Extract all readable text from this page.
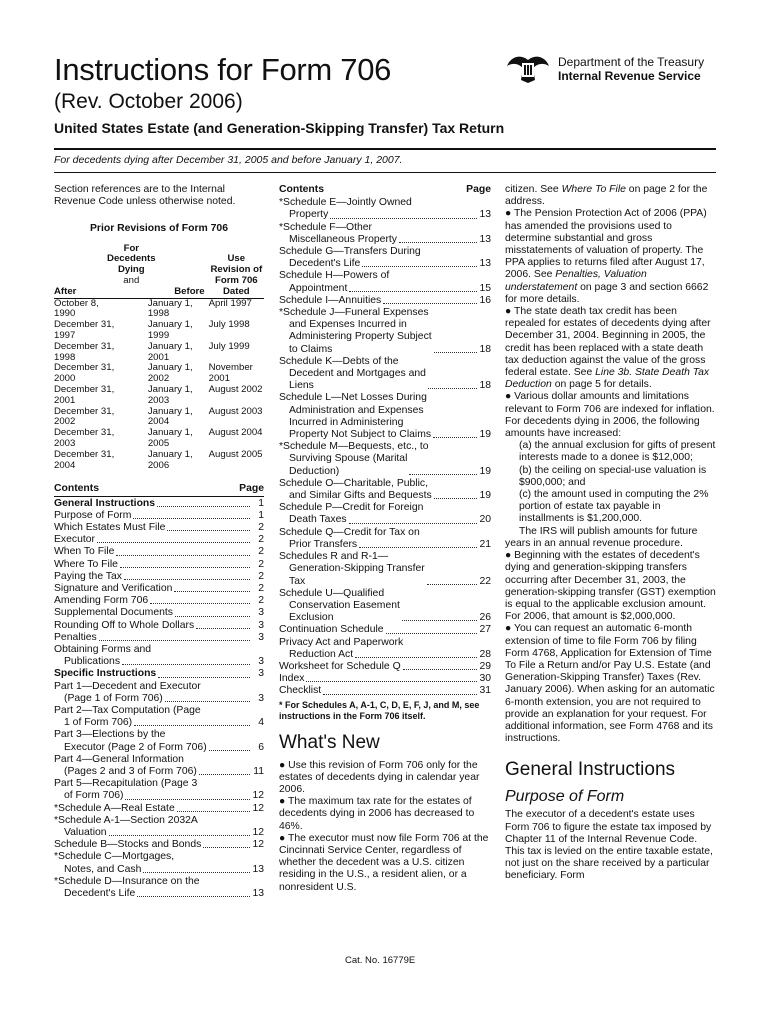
Instructions for Form 706
(Rev. October 2006)
United States Estate (and Generation-Skipping Transfer) Tax Return
Department of the Treasury
Internal Revenue Service
For decedents dying after December 31, 2005 and before January 1, 2007.

Section references are to the Internal Revenue Code unless otherwise noted.

Prior Revisions of Form 706

For Decedents Dying
and		Use Revision of Form 706 Dated
After	Before	
October 8, 1990	January 1, 1998	April 1997
December 31, 1997	January 1, 1999	July 1998
December 31, 1998	January 1, 2001	July 1999
December 31, 2000	January 1, 2002	November 2001
December 31, 2001	January 1, 2003	August 2002
December 31, 2002	January 1, 2004	August 2003
December 31, 2003	January 1, 2005	August 2004
December 31, 2004	January 1, 2006	August 2005
Contents	Page
General Instructions	1
Purpose of Form	1
Which Estates Must File	2
Executor	2
When To File	2
Where To File	2
Paying the Tax	2
Signature and Verification	2
Amending Form 706	2
Supplemental Documents	3
Rounding Off to Whole Dollars	3
Penalties	3
Obtaining Forms and
Publications	3
Specific Instructions	3
Part 1—Decedent and Executor
(Page 1 of Form 706)	3
Part 2—Tax Computation (Page
1 of Form 706)	4
Part 3—Elections by the
Executor (Page 2 of Form 706)	6
Part 4—General Information
(Pages 2 and 3 of Form 706)	11
Part 5—Recapitulation (Page 3
of Form 706)	12
*Schedule A—Real Estate	12
*Schedule A-1—Section 2032A
Valuation	12
Schedule B—Stocks and Bonds	12
*Schedule C—Mortgages,
Notes, and Cash	13
*Schedule D—Insurance on the
Decedent's Life	13
Contents	Page
*Schedule E—Jointly Owned
Property	13
*Schedule F—Other
Miscellaneous Property	13
Schedule G—Transfers During
Decedent's Life	13
Schedule H—Powers of
Appointment	15
Schedule I—Annuities	16
*Schedule J—Funeral Expenses
and Expenses Incurred in
Administering Property Subject
to Claims	18
Schedule K—Debts of the
Decedent and Mortgages and
Liens	18
Schedule L—Net Losses During
Administration and Expenses
Incurred in Administering
Property Not Subject to Claims	19
*Schedule M—Bequests, etc., to
Surviving Spouse (Marital
Deduction)	19
Schedule O—Charitable, Public,
and Similar Gifts and Bequests	19
Schedule P—Credit for Foreign
Death Taxes	20
Schedule Q—Credit for Tax on
Prior Transfers	21
Schedules R and R-1—
Generation-Skipping Transfer
Tax	22
Schedule U—Qualified
Conservation Easement
Exclusion	26
Continuation Schedule	27
Privacy Act and Paperwork
Reduction Act	28
Worksheet for Schedule Q	29
Index	30
Checklist	31

* For Schedules A, A-1, C, D, E, F, J, and M, see instructions in the Form 706 itself.

What's New

● Use this revision of Form 706 only for the estates of decedents dying in calendar year 2006.

● The maximum tax rate for the estates of decedents dying in 2006 has decreased to 46%.

● The executor must now file Form 706 at the Cincinnati Service Center, regardless of whether the decedent was a U.S. citizen residing in the U.S., a resident alien, or a nonresident U.S.

citizen. See Where To File on page 2 for the address.

● The Pension Protection Act of 2006 (PPA) has amended the provisions used to determine substantial and gross misstatements of valuation of property. The PPA applies to returns filed after August 17, 2006. See Penalties, Valuation understatement on page 3 and section 6662 for more details.

● The state death tax credit has been repealed for estates of decedents dying after December 31, 2004. Beginning in 2005, the credit has been replaced with a state death tax deduction against the value of the gross federal estate. See Line 3b. State Death Tax Deduction on page 5 for details.

● Various dollar amounts and limitations relevant to Form 706 are indexed for inflation. For decedents dying in 2006, the following amounts have increased:

(a) the annual exclusion for gifts of present interests made to a donee is $12,000;

(b) the ceiling on special-use valuation is $900,000; and

(c) the amount used in computing the 2% portion of estate tax payable in installments is $1,200,000.

The IRS will publish amounts for future years in an annual revenue procedure.

● Beginning with the estates of decedent's dying and generation-skipping transfers occurring after December 31, 2003, the generation-skipping transfer (GST) exemption is equal to the applicable exclusion amount. For 2006, that amount is $2,000,000.

● You can request an automatic 6-month extension of time to file Form 706 by filing Form 4768, Application for Extension of Time To File a Return and/or Pay U.S. Estate (and Generation-Skipping Transfer) Taxes (Rev. January 2006). When asking for an automatic 6-month extension, you are not required to provide an explanation for your request. For additional information, see Form 4768 and its instructions.

General Instructions

Purpose of Form

The executor of a decedent's estate uses Form 706 to figure the estate tax imposed by Chapter 11 of the Internal Revenue Code. This tax is levied on the entire taxable estate, not just on the share received by a particular beneficiary. Form

Cat. No. 16779E
